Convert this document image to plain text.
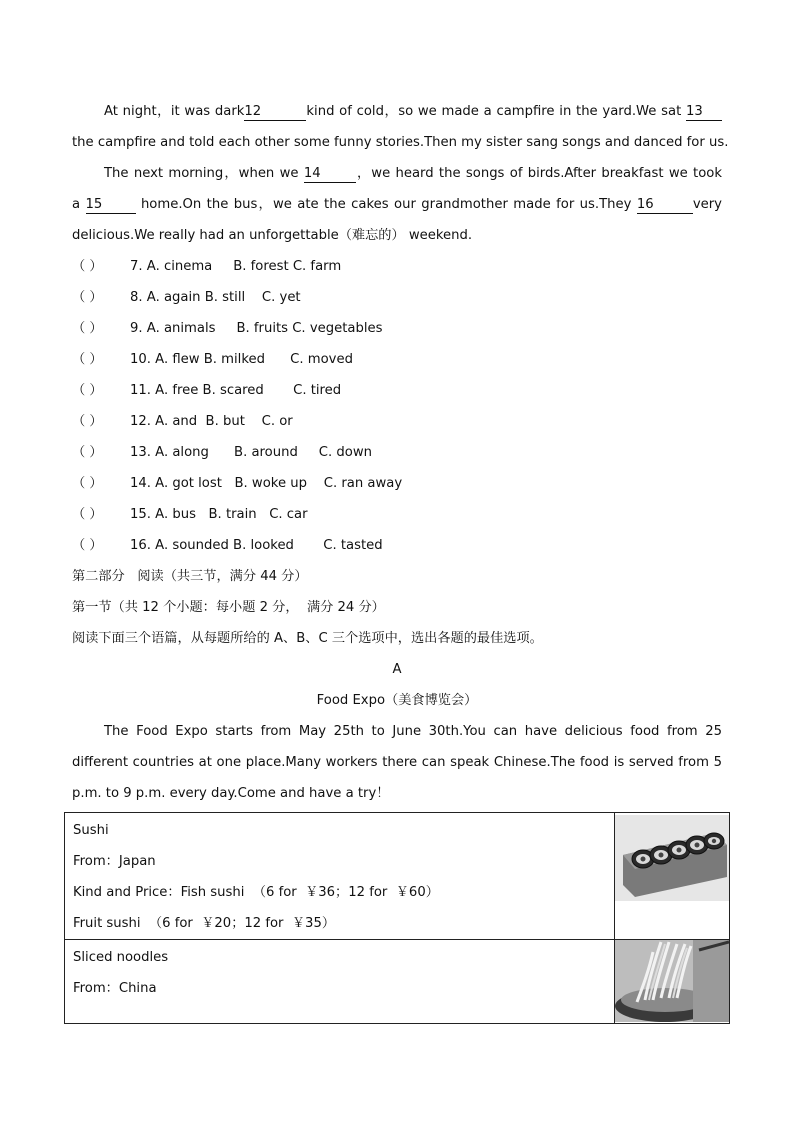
At night，it was dark12	kind of cold，so we made a campfire in the yard.We sat 13
the campfire and told each other some funny stories.Then my sister sang songs and danced for us.
The next morning，when we 14	，we heard the songs of birds.After breakfast we took
a 15	home.On the bus，we ate the cakes our grandmother made for us.They 16	very
delicious.We really had an unforgettable（难忘的） weekend.
（ ） 7. A. cinema     B. forest C. farm
（ ） 8. A. again B. still    C. yet
（ ） 9. A. animals     B. fruits C. vegetables
（ ） 10. A. flew B. milked      C. moved
（ ） 11. A. free B. scared       C. tired
（ ） 12. A. and  B. but    C. or
（ ） 13. A. along      B. around     C. down
（ ） 14. A. got lost   B. woke up    C. ran away
（ ） 15. A. bus   B. train   C. car
（ ） 16. A. sounded B. looked       C. tasted
第二部分   阅读（共三节，满分 44 分）
第一节（共 12 个小题：每小题 2 分，  满分 24 分）
阅读下面三个语篇，从每题所给的 A、B、C 三个选项中，选出各题的最佳选项。
A
Food Expo（美食博览会）
The Food Expo starts from May 25th to June 30th.You can have delicious food from 25
different countries at one place.Many workers there can speak Chinese.The food is served from 5
p.m. to 9 p.m. every day.Come and have a try！
Sushi
From：Japan
Kind and Price：Fish sushi  （6 for  ￥36；12 for  ￥60）
Fruit sushi  （6 for  ￥20；12 for  ￥35）

Sliced noodles
From：China
